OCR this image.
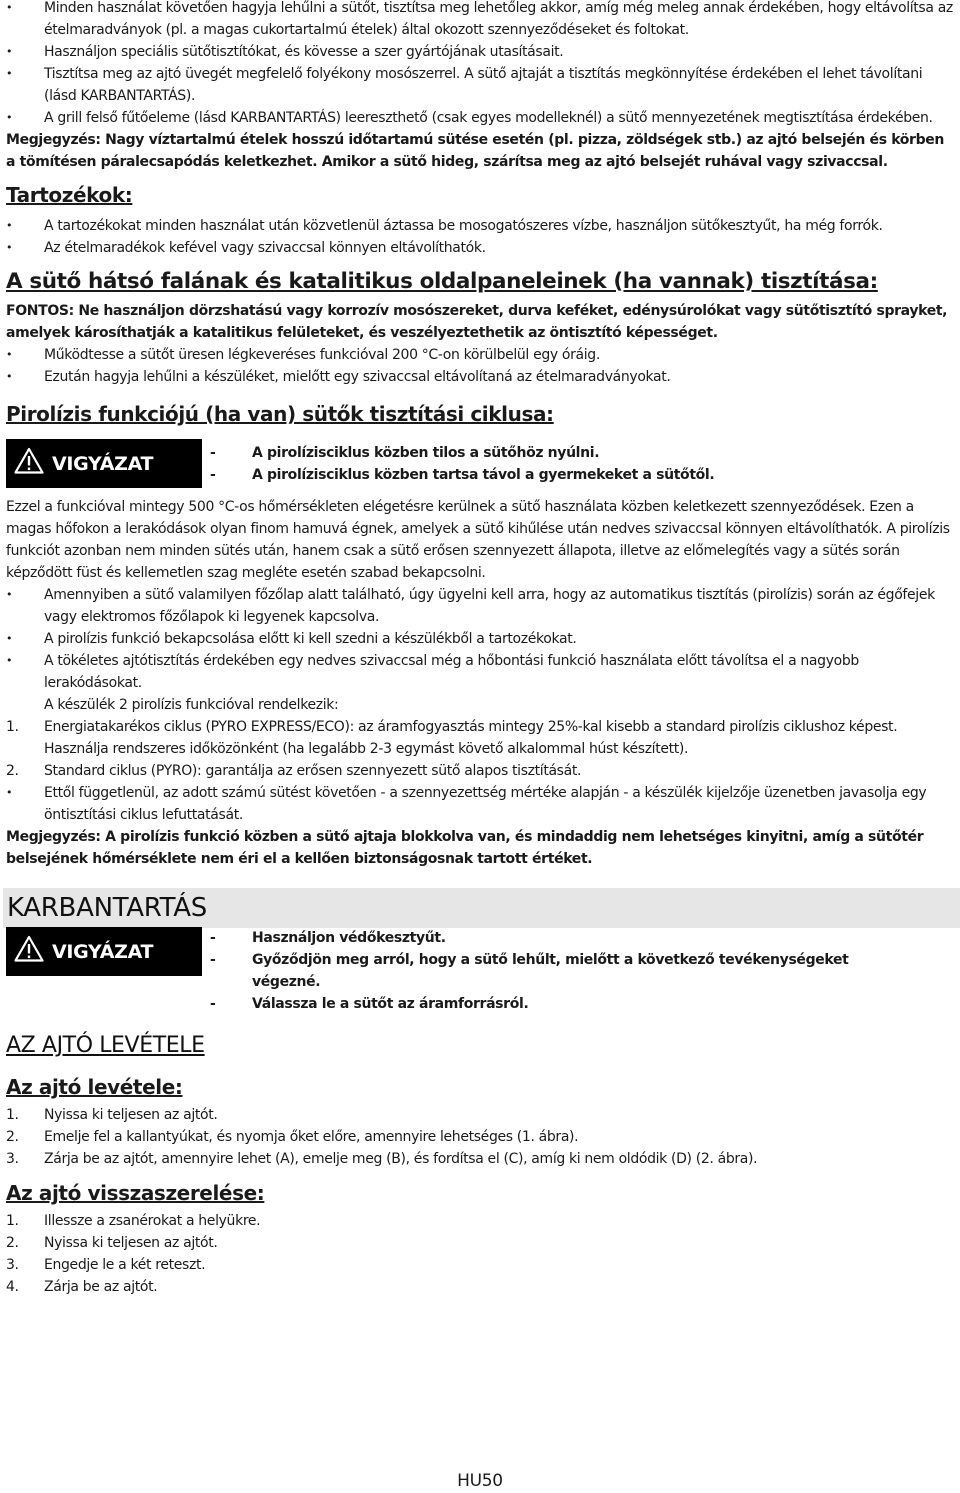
• Minden használat követően hagyja lehűlni a sütőt, tisztítsa meg lehetőleg akkor, amíg még meleg annak érdekében, hogy eltávolítsa az ételmaradványok (pl. a magas cukortartalmú ételek) által okozott szennyeződéseket és foltokat.
• Használjon speciális sütőtisztítókat, és kövesse a szer gyártójának utasításait.
• Tisztítsa meg az ajtó üvegét megfelelő folyékony mosószerrel. A sütő ajtaját a tisztítás megkönnyítése érdekében el lehet távolítani (lásd KARBANTARTÁS).
• A grill felső fűtőeleme (lásd KARBANTARTÁS) leereszthető (csak egyes modelleknél) a sütő mennyezetének megtisztítása érdekében.
Megjegyzés: Nagy víztartalmú ételek hosszú időtartamú sütése esetén (pl. pizza, zöldségek stb.) az ajtó belsején és körben a tömítésen páralecsapódás keletkezhet. Amikor a sütő hideg, szárítsa meg az ajtó belsejét ruhával vagy szivaccsal.
Tartozékok:
• A tartozékokat minden használat után közvetlenül áztassa be mosogatószeres vízbe, használjon sütőkesztyűt, ha még forrók.
• Az ételmaradékok kefével vagy szivaccsal könnyen eltávolíthatók.
A sütő hátsó falának és katalitikus oldalpaneleinek (ha vannak) tisztítása:
FONTOS: Ne használjon dörzshatású vagy korrozív mosószereket, durva keféket, edénysúrolókat vagy sütőtisztító sprayket, amelyek károsíthatják a katalitikus felületeket, és veszélyeztethetik az öntisztító képességet.
• Működtesse a sütőt üresen légkeveréses funkcióval 200 °C-on körülbelül egy óráig.
• Ezután hagyja lehűlni a készüléket, mielőtt egy szivaccsal eltávolítaná az ételmaradványokat.
Pirolízis funkciójú (ha van) sütők tisztítási ciklusa:
VIGYÁZAT
-	A pirolízisciklus közben tilos a sütőhöz nyúlni.
- A pirolízisciklus közben tartsa távol a gyermekeket a sütőtől.
Ezzel a funkcióval mintegy 500 °C-os hőmérsékleten elégetésre kerülnek a sütő használata közben keletkezett szennyeződések. Ezen a magas hőfokon a lerakódások olyan finom hamuvá égnek, amelyek a sütő kihűlése után nedves szivaccsal könnyen eltávolíthatók. A pirolízis funkciót azonban nem minden sütés után, hanem csak a sütő erősen szennyezett állapota, illetve az előmelegítés vagy a sütés során képződött füst és kellemetlen szag megléte esetén szabad bekapcsolni.
• Amennyiben a sütő valamilyen főzőlap alatt található, úgy ügyelni kell arra, hogy az automatikus tisztítás (pirolízis) során az égőfejek vagy elektromos főzőlapok ki legyenek kapcsolva.
• A pirolízis funkció bekapcsolása előtt ki kell szedni a készülékből a tartozékokat.
• A tökéletes ajtótisztítás érdekében egy nedves szivaccsal még a hőbontási funkció használata előtt távolítsa el a nagyobb lerakódásokat.
A készülék 2 pirolízis funkcióval rendelkezik:
1. Energiatakarékos ciklus (PYRO EXPRESS/ECO): az áramfogyasztás mintegy 25%-kal kisebb a standard pirolízis ciklushoz képest. Használja rendszeres időközönként (ha legalább 2-3 egymást követő alkalommal húst készített).
2. Standard ciklus (PYRO): garantálja az erősen szennyezett sütő alapos tisztítását.
• Ettől függetlenül, az adott számú sütést követően - a szennyezettség mértéke alapján - a készülék kijelzője üzenetben javasolja egy öntisztítási ciklus lefuttatását.
Megjegyzés: A pirolízis funkció közben a sütő ajtaja blokkolva van, és mindaddig nem lehetséges kinyitni, amíg a sütőtér belsejének hőmérséklete nem éri el a kellően biztonságosnak tartott értéket.
KARBANTARTÁS
VIGYÁZAT
- Használjon védőkesztyűt.
- Győződjön meg arról, hogy a sütő lehűlt, mielőtt a következő tevékenységeket végezné.
- Válassza le a sütőt az áramforrásról.
AZ AJTÓ LEVÉTELE
Az ajtó levétele:
1. Nyissa ki teljesen az ajtót.
2. Emelje fel a kallantyúkat, és nyomja őket előre, amennyire lehetséges (1. ábra).
3. Zárja be az ajtót, amennyire lehet (A), emelje meg (B), és fordítsa el (C), amíg ki nem oldódik (D) (2. ábra).
Az ajtó visszaszerelése:
1. Illessze a zsanérokat a helyükre.
2. Nyissa ki teljesen az ajtót.
3. Engedje le a két reteszt.
4. Zárja be az ajtót.
HU50
